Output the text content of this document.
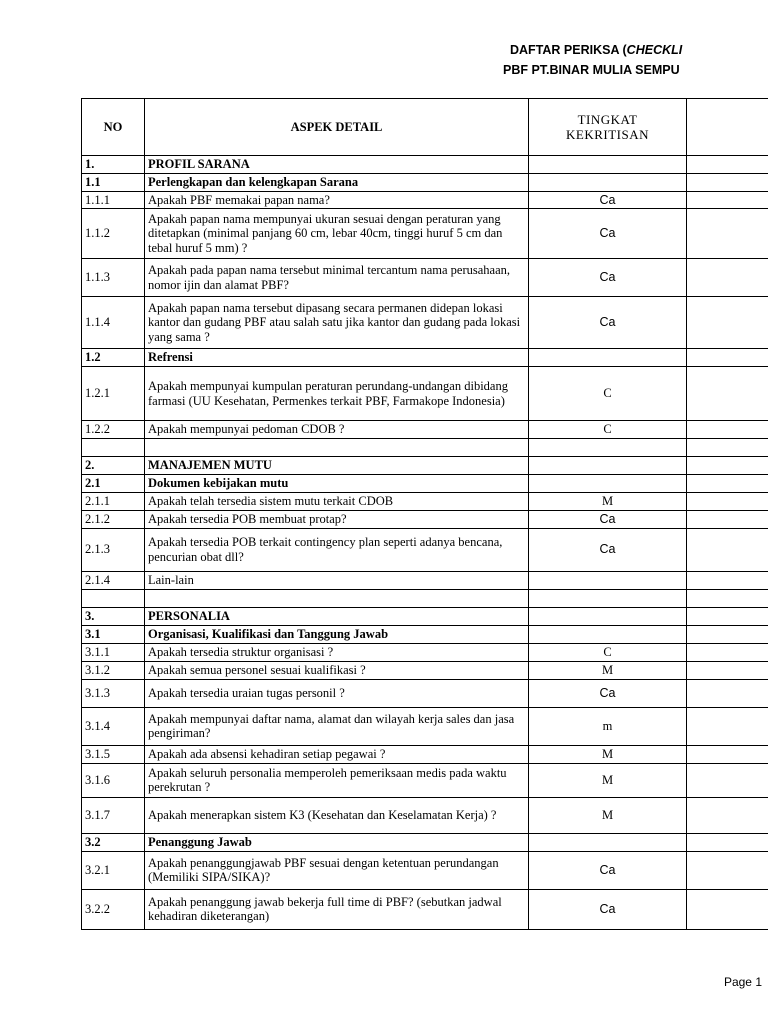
DAFTAR PERIKSA (CHECKLI
PBF PT.BINAR MULIA SEMPU
NO	ASPEK DETAIL	TINGKAT
KEKRITISAN	
1.	PROFIL SARANA		
1.1	Perlengkapan dan kelengkapan Sarana		
1.1.1	Apakah PBF memakai papan nama?	Ca	
1.1.2	Apakah papan nama mempunyai ukuran sesuai dengan peraturan yang ditetapkan (minimal panjang 60 cm, lebar 40cm, tinggi huruf 5 cm dan tebal huruf 5 mm) ?	Ca	
1.1.3	Apakah pada papan nama tersebut minimal tercantum nama perusahaan, nomor ijin dan alamat PBF?	Ca	
1.1.4	Apakah papan nama tersebut dipasang secara permanen didepan lokasi kantor dan gudang PBF atau salah satu jika kantor dan gudang pada lokasi yang sama ?	Ca	
1.2	Refrensi		
1.2.1	Apakah mempunyai kumpulan peraturan perundang-undangan dibidang farmasi (UU Kesehatan, Permenkes terkait PBF, Farmakope Indonesia)	C	
1.2.2	Apakah mempunyai pedoman CDOB ?	C	

2.	MANAJEMEN MUTU		
2.1	Dokumen kebijakan mutu		
2.1.1	Apakah telah tersedia sistem mutu terkait CDOB	M	
2.1.2	Apakah tersedia POB membuat protap?	Ca	
2.1.3	Apakah tersedia POB terkait contingency plan seperti adanya bencana, pencurian obat dll?	Ca	
2.1.4	Lain-lain		

3.	PERSONALIA		
3.1	Organisasi, Kualifikasi dan Tanggung Jawab		
3.1.1	Apakah tersedia struktur organisasi ?	C	
3.1.2	Apakah semua personel sesuai kualifikasi ?	M	
3.1.3	Apakah tersedia uraian tugas personil ?	Ca	
3.1.4	Apakah mempunyai daftar nama, alamat dan wilayah kerja sales dan jasa pengiriman?	m	
3.1.5	Apakah ada absensi kehadiran setiap pegawai ?	M	
3.1.6	Apakah seluruh personalia memperoleh pemeriksaan medis pada waktu perekrutan ?	M	
3.1.7	Apakah menerapkan sistem K3 (Kesehatan dan Keselamatan Kerja) ?	M	
3.2	Penanggung Jawab		
3.2.1	Apakah penanggungjawab PBF sesuai dengan ketentuan perundangan (Memiliki SIPA/SIKA)?	Ca	
3.2.2	Apakah penanggung jawab bekerja full time di PBF? (sebutkan jadwal kehadiran diketerangan)	Ca	
Page 1
